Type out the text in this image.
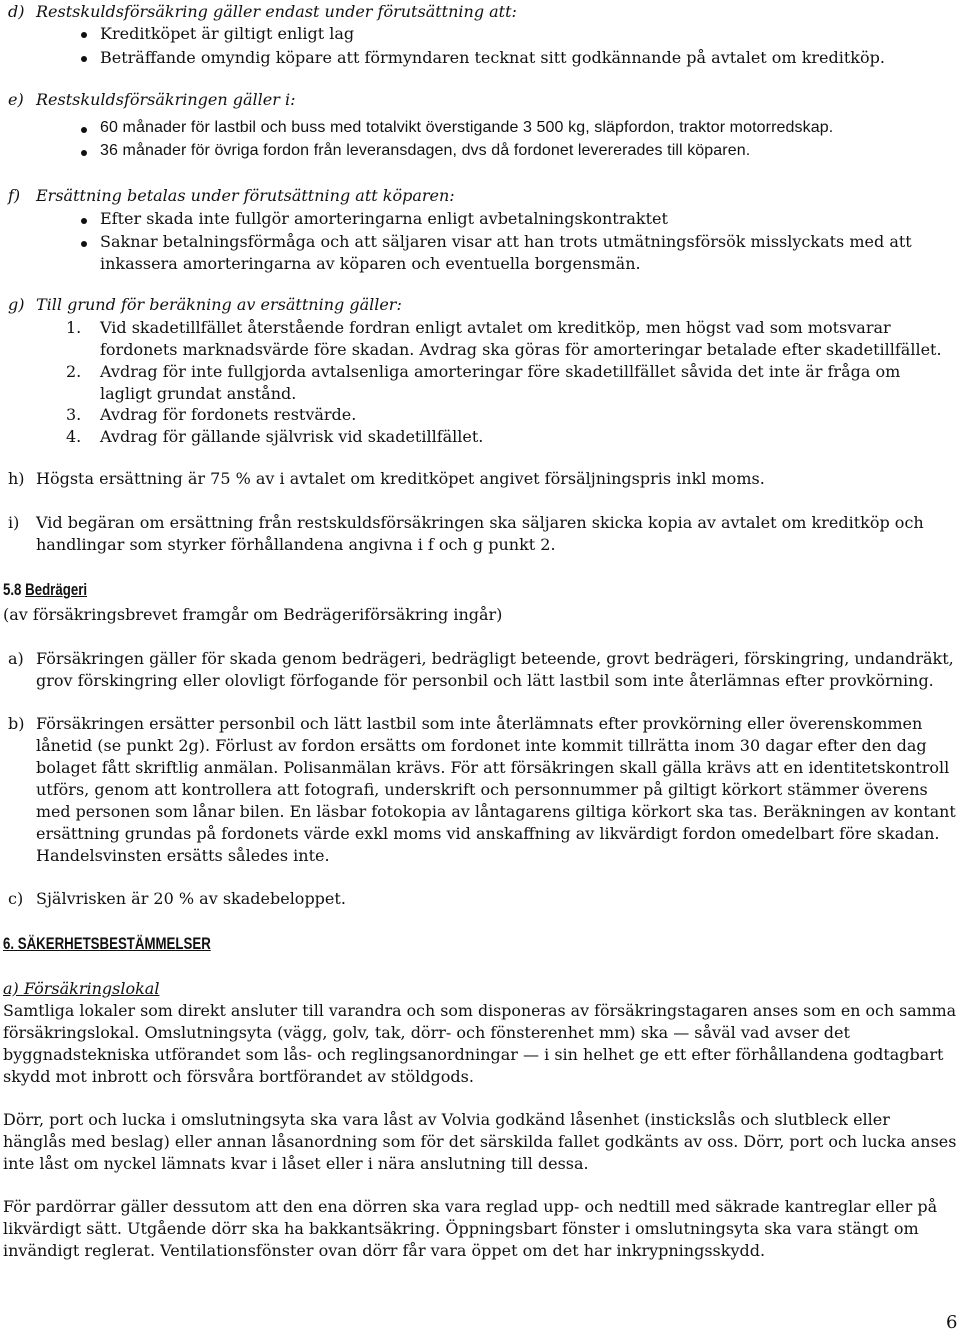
d) Restskuldsförsäkring gäller endast under förutsättning att:
Kreditköpet är giltigt enligt lag
Beträffande omyndig köpare att förmyndaren tecknat sitt godkännande på avtalet om kreditköp.
e) Restskuldsförsäkringen gäller i:
60 månader för lastbil och buss med totalvikt överstigande 3 500 kg, släpfordon, traktor motorredskap.
36 månader för övriga fordon från leveransdagen, dvs då fordonet levererades till köparen.
f) Ersättning betalas under förutsättning att köparen:
Efter skada inte fullgör amorteringarna enligt avbetalningskontraktet
Saknar betalningsförmåga och att säljaren visar att han trots utmätningsförsök misslyckats med att
inkassera amorteringarna av köparen och eventuella borgensmän.
g) Till grund för beräkning av ersättning gäller:
1. Vid skadetillfället återstående fordran enligt avtalet om kreditköp, men högst vad som motsvarar
fordonets marknadsvärde före skadan. Avdrag ska göras för amorteringar betalade efter skadetillfället.
2. Avdrag för inte fullgjorda avtalsenliga amorteringar före skadetillfället såvida det inte är fråga om
lagligt grundat anstånd.
3. Avdrag för fordonets restvärde.
4. Avdrag för gällande självrisk vid skadetillfället.
h) Högsta ersättning är 75 % av i avtalet om kreditköpet angivet försäljningspris inkl moms.
i) Vid begäran om ersättning från restskuldsförsäkringen ska säljaren skicka kopia av avtalet om kreditköp och
handlingar som styrker förhållandena angivna i f och g punkt 2.
5.8 Bedrägeri
(av försäkringsbrevet framgår om Bedrägeriförsäkring ingår)
a) Försäkringen gäller för skada genom bedrägeri, bedrägligt beteende, grovt bedrägeri, förskingring, undandräkt,
grov förskingring eller olovligt förfogande för personbil och lätt lastbil som inte återlämnas efter provkörning.
b) Försäkringen ersätter personbil och lätt lastbil som inte återlämnats efter provkörning eller överenskommen
lånetid (se punkt 2g). Förlust av fordon ersätts om fordonet inte kommit tillrätta inom 30 dagar efter den dag
bolaget fått skriftlig anmälan. Polisanmälan krävs. För att försäkringen skall gälla krävs att en identitetskontroll
utförs, genom att kontrollera att fotografi, underskrift och personnummer på giltigt körkort stämmer överens
med personen som lånar bilen. En läsbar fotokopia av låntagarens giltiga körkort ska tas. Beräkningen av kontant
ersättning grundas på fordonets värde exkl moms vid anskaffning av likvärdigt fordon omedelbart före skadan.
Handelsvinsten ersätts således inte.
c) Självrisken är 20 % av skadebeloppet.
6. SÄKERHETSBESTÄMMELSER
a) Försäkringslokal
Samtliga lokaler som direkt ansluter till varandra och som disponeras av försäkringstagaren anses som en och samma
försäkringslokal. Omslutningsyta (vägg, golv, tak, dörr- och fönsterenhet mm) ska — såväl vad avser det
byggnadstekniska utförandet som lås- och reglingsanordningar — i sin helhet ge ett efter förhållandena godtagbart
skydd mot inbrott och försvåra bortförandet av stöldgods.
Dörr, port och lucka i omslutningsyta ska vara låst av Volvia godkänd låsenhet (instickslås och slutbleck eller
hänglås med beslag) eller annan låsanordning som för det särskilda fallet godkänts av oss. Dörr, port och lucka anses
inte låst om nyckel lämnats kvar i låset eller i nära anslutning till dessa.
För pardörrar gäller dessutom att den ena dörren ska vara reglad upp- och nedtill med säkrade kantreglar eller på
likvärdigt sätt. Utgående dörr ska ha bakkantsäkring. Öppningsbart fönster i omslutningsyta ska vara stängt om
invändigt reglerat. Ventilationsfönster ovan dörr får vara öppet om det har inkrypningsskydd.
6
